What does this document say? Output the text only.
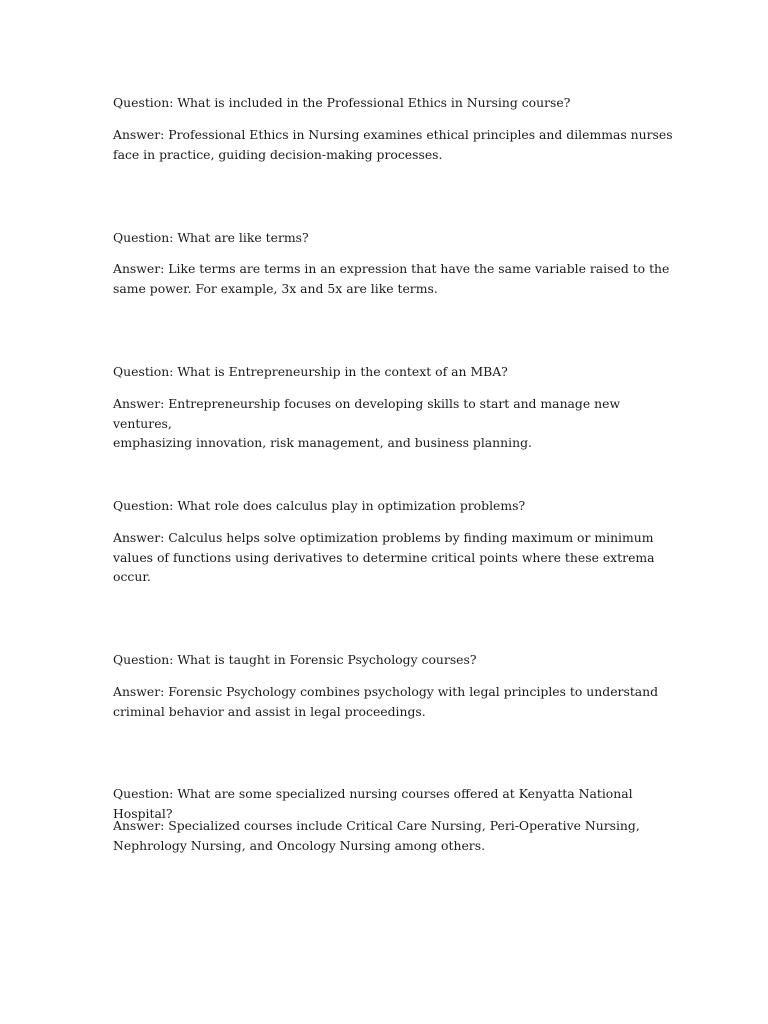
Question: What is included in the Professional Ethics in Nursing course?

Answer: Professional Ethics in Nursing examines ethical principles and dilemmas nurses
face in practice, guiding decision-making processes.

Question: What are like terms?

Answer: Like terms are terms in an expression that have the same variable raised to the
same power. For example, 3x and 5x are like terms.

Question: What is Entrepreneurship in the context of an MBA?

Answer: Entrepreneurship focuses on developing skills to start and manage new ventures,
emphasizing innovation, risk management, and business planning.

Question: What role does calculus play in optimization problems?

Answer: Calculus helps solve optimization problems by finding maximum or minimum
values of functions using derivatives to determine critical points where these extrema
occur.

Question: What is taught in Forensic Psychology courses?

Answer: Forensic Psychology combines psychology with legal principles to understand
criminal behavior and assist in legal proceedings.

Question: What are some specialized nursing courses offered at Kenyatta National Hospital?

Answer: Specialized courses include Critical Care Nursing, Peri-Operative Nursing,
Nephrology Nursing, and Oncology Nursing among others.
